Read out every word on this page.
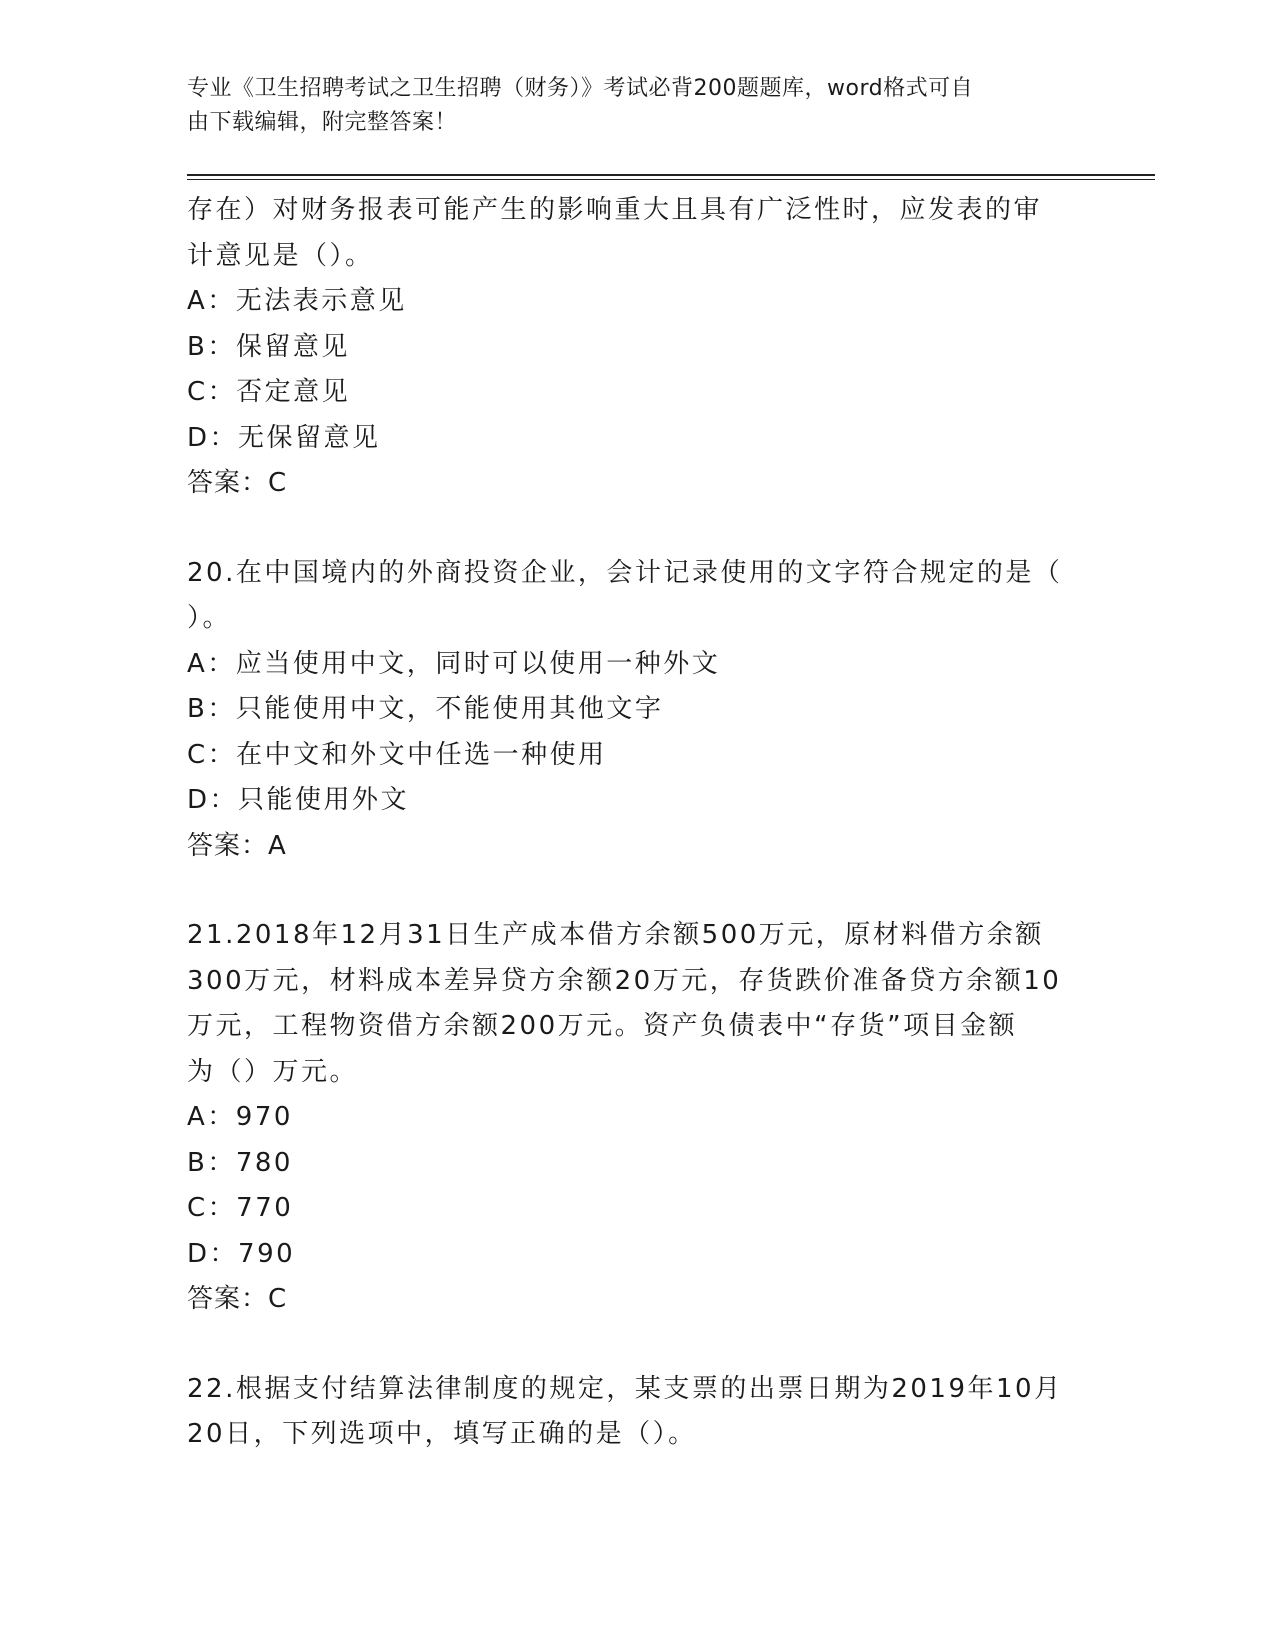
专业《卫生招聘考试之卫生招聘（财务）》考试必背200题题库，word格式可自
由下载编辑，附完整答案！
存在）对财务报表可能产生的影响重大且具有广泛性时，应发表的审
计意见是（）。
A：无法表示意见
B：保留意见
C：否定意见
D：无保留意见
答案：C
20.在中国境内的外商投资企业，会计记录使用的文字符合规定的是（
）。
A：应当使用中文，同时可以使用一种外文
B：只能使用中文，不能使用其他文字
C：在中文和外文中任选一种使用
D：只能使用外文
答案：A
21.2018年12月31日生产成本借方余额500万元，原材料借方余额
300万元，材料成本差异贷方余额20万元，存货跌价准备贷方余额10
万元，工程物资借方余额200万元。资产负债表中“存货”项目金额
为（）万元。
A：970
B：780
C：770
D：790
答案：C
22.根据支付结算法律制度的规定，某支票的出票日期为2019年10月
20日，下列选项中，填写正确的是（）。
